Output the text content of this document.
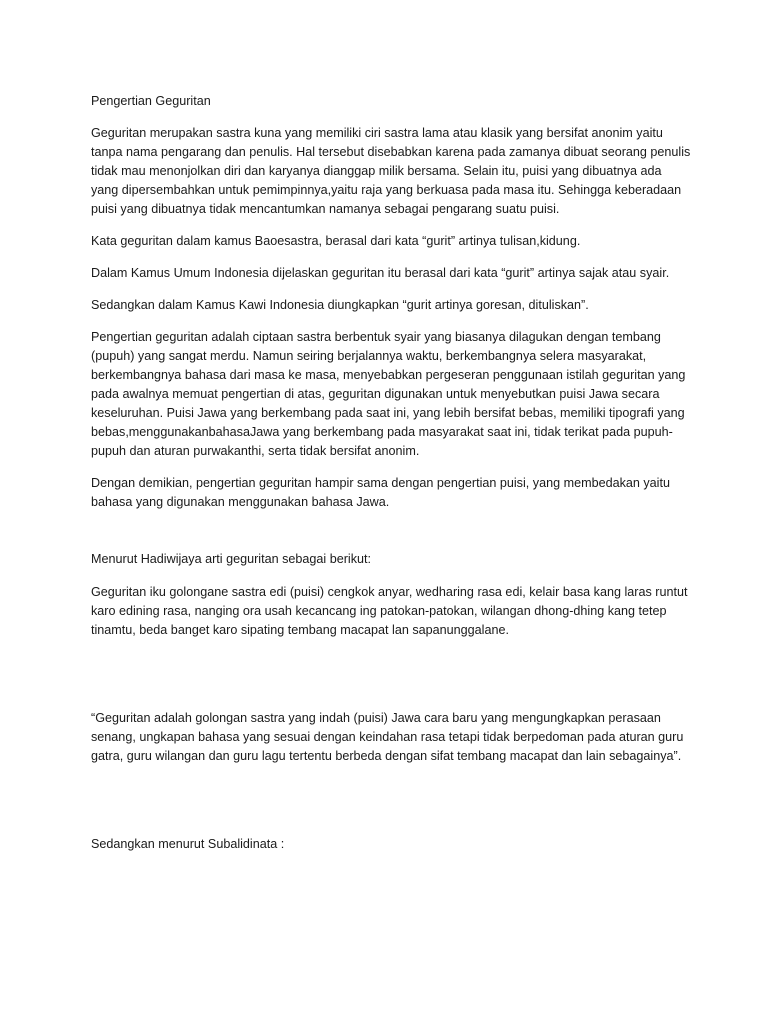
Pengertian Geguritan

Geguritan merupakan sastra kuna yang memiliki ciri sastra lama atau klasik yang bersifat anonim yaitu tanpa nama pengarang dan penulis. Hal tersebut disebabkan karena pada zamanya dibuat seorang penulis tidak mau menonjolkan diri dan karyanya dianggap milik bersama. Selain itu, puisi yang dibuatnya ada yang dipersembahkan untuk pemimpinnya,yaitu raja yang berkuasa pada masa itu. Sehingga keberadaan puisi yang dibuatnya tidak mencantumkan namanya sebagai pengarang suatu puisi.

Kata geguritan dalam kamus Baoesastra, berasal dari kata “gurit” artinya tulisan,kidung.

Dalam Kamus Umum Indonesia dijelaskan geguritan itu berasal dari kata “gurit” artinya sajak atau syair.

Sedangkan dalam Kamus Kawi Indonesia diungkapkan “gurit artinya goresan, dituliskan”.

Pengertian geguritan adalah ciptaan sastra berbentuk syair yang biasanya dilagukan dengan tembang (pupuh) yang sangat merdu. Namun seiring berjalannya waktu, berkembangnya selera masyarakat, berkembangnya bahasa dari masa ke masa, menyebabkan pergeseran penggunaan istilah geguritan yang pada awalnya memuat pengertian di atas, geguritan digunakan untuk menyebutkan puisi Jawa secara keseluruhan. Puisi Jawa yang berkembang pada saat ini, yang lebih bersifat bebas, memiliki tipografi yang bebas,menggunakanbahasaJawa yang berkembang pada masyarakat saat ini, tidak terikat pada pupuh-pupuh dan aturan purwakanthi, serta tidak bersifat anonim.

Dengan demikian, pengertian geguritan hampir sama dengan pengertian puisi, yang membedakan yaitu bahasa yang digunakan menggunakan bahasa Jawa.

Menurut Hadiwijaya arti geguritan sebagai berikut:

Geguritan iku golongane sastra edi (puisi) cengkok anyar, wedharing rasa edi, kelair basa kang laras runtut karo edining rasa, nanging ora usah kecancang ing patokan-patokan, wilangan dhong-dhing kang tetep tinamtu, beda banget karo sipating tembang macapat lan sapanunggalane.

“Geguritan adalah golongan sastra yang indah (puisi) Jawa cara baru yang mengungkapkan perasaan senang, ungkapan bahasa yang sesuai dengan keindahan rasa tetapi tidak berpedoman pada aturan guru gatra, guru wilangan dan guru lagu tertentu berbeda dengan sifat tembang macapat dan lain sebagainya”.

Sedangkan menurut Subalidinata :
